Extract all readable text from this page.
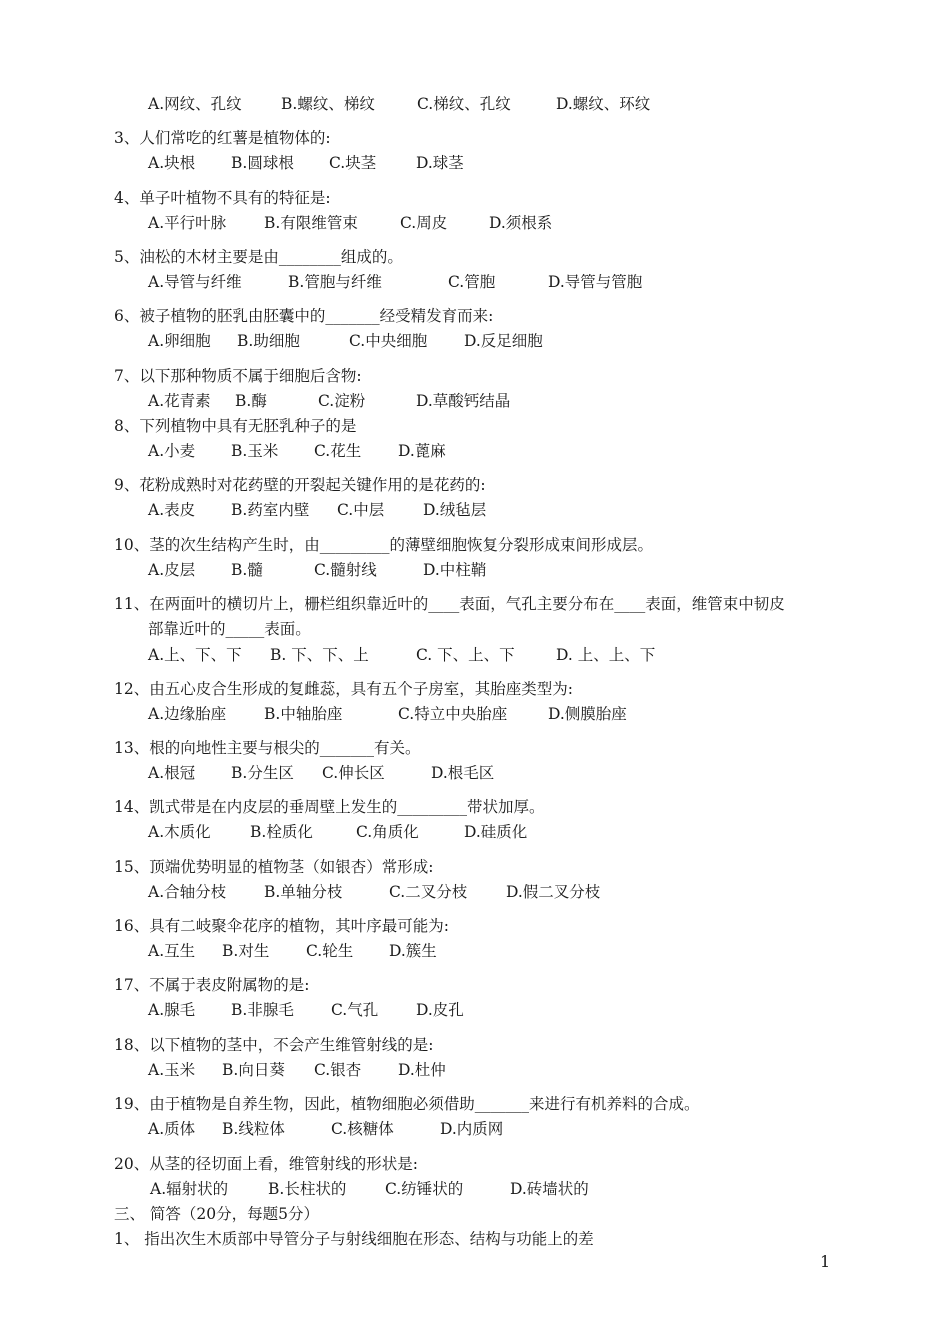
A.网纹、孔纹	B.螺纹、梯纹	C.梯纹、孔纹	D.螺纹、环纹
3、人们常吃的红薯是植物体的:
A.块根 B.圆球根 C.块茎	D.球茎
4、单子叶植物不具有的特征是:
A.平行叶脉 B.有限维管束	C.周皮	D.须根系
5、油松的木材主要是由________组成的。
A.导管与纤维	B.管胞与纤维	C.管胞	D.导管与管胞
6、被子植物的胚乳由胚囊中的_______经受精发育而来:
A.卵细胞 B.助细胞	C.中央细胞 D.反足细胞
7、以下那种物质不属于细胞后含物:
A.花青素 B.酶	C.淀粉	D.草酸钙结晶
8、下列植物中具有无胚乳种子的是
A.小麦 B.玉米 C.花生 D.蓖麻
9、花粉成熟时对花药壁的开裂起关键作用的是花药的:
A.表皮 B.药室内壁 C.中层	D.绒毡层
10、茎的次生结构产生时，由_________的薄壁细胞恢复分裂形成束间形成层。
A.皮层 B.髓	C.髓射线	D.中柱鞘
11、在两面叶的横切片上，栅栏组织靠近叶的____表面，气孔主要分布在____表面，维管束中韧皮
部靠近叶的_____表面。
A.上、下、下 B. 下、下、上	C. 下、上、下	D. 上、上、下
12、由五心皮合生形成的复雌蕊，具有五个子房室，其胎座类型为:
A.边缘胎座 B.中轴胎座	C.特立中央胎座	D.侧膜胎座
13、根的向地性主要与根尖的_______有关。
A.根冠 B.分生区 C.伸长区	D.根毛区
14、凯式带是在内皮层的垂周壁上发生的_________带状加厚。
A.木质化	B.栓质化	C.角质化	D.硅质化
15、顶端优势明显的植物茎（如银杏）常形成:
A.合轴分枝 B.单轴分枝	C.二叉分枝	D.假二叉分枝
16、具有二岐聚伞花序的植物，其叶序最可能为:
A.互生 B.对生 C.轮生 D.簇生
17、不属于表皮附属物的是:
A.腺毛 B.非腺毛 C.气孔 D.皮孔
18、以下植物的茎中，不会产生维管射线的是:
A.玉米 B.向日葵 C.银杏 D.杜仲
19、由于植物是自养生物，因此，植物细胞必须借助_______来进行有机养料的合成。
A.质体 B.线粒体	C.核糖体	D.内质网
20、从茎的径切面上看，维管射线的形状是:
A.辐射状的	B.长柱状的 C.纺锤状的	D.砖墙状的
三、 简答（20分，每题5分）
1、 指出次生木质部中导管分子与射线细胞在形态、结构与功能上的差
1
